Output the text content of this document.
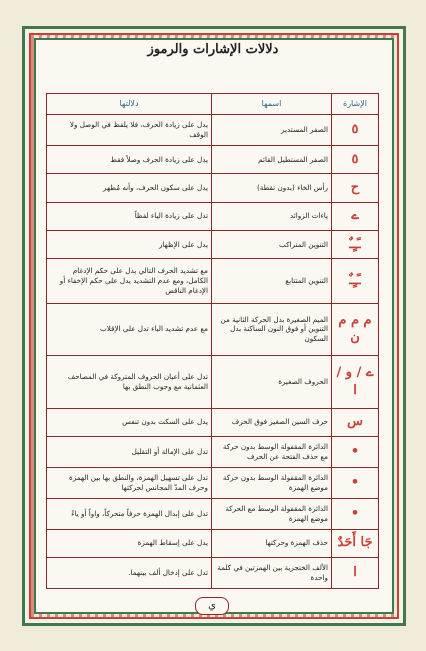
دلالات الإشارات والرموز
الإشارة	اسمها	دلالتها
٥	الصفر المستدير	يدل على زيادة الحرف، فلا يلفظ في الوصل ولا الوقف
٥	الصفر المستطيل القائم	يدل على زيادة الحرف وصلاً فقط
ح	رأس الخاء (بدون نقطة)	يدل على سكون الحرف، وأنه مُظهر
ے	ياءات الزوائد	تدل على زيادة الياء لفظاً
ـًـٍـٌ	التنوين المتراكب	يدل على الإظهار
ـًـٍـٌ	التنوين المتتابع	مع تشديد الحرف التالي يدل على حكم الإدغام الكامل، ومع عدم التشديد يدل على حكم الإخفاء أو الإدغام الناقص
م م م ن	الميم الصغيرة بدل الحركة الثانية من التنوين أو فوق النون الساكنة بدل السكون	مع عدم تشديد الباء تدل على الإقلاب
ے / و / ا	الحروف الصغيرة	تدل على أعيان الحروف المتروكة في المصاحف العثمانية مع وجوب النطق بها
س	حرف السين الصغير فوق الحرف	يدل على السكت بدون تنفس
•	الدائرة المقفولة الوسط بدون حركة مع حذف الفتحة عن الحرف	تدل على الإمالة أو التقليل
•	الدائرة المقفولة الوسط بدون حركة موضع الهمزة	تدل على تسهيل الهمزة، والنطق بها بين الهمزة وحرف المدّ المجانس لحركتها
•	الدائرة المقفولة الوسط مع الحركة موضع الهمزة	تدل على إبدال الهمزة حرفاً متحركاً، واواً أو ياءً
جَا أَحَدٌ	حذف الهمزة وحركتها	يدل على إسقاط الهمزة
ا	الألف الخنجرية بين الهمزتين في كلمة واحدة	تدل على إدخال ألف بينهما.
ي
